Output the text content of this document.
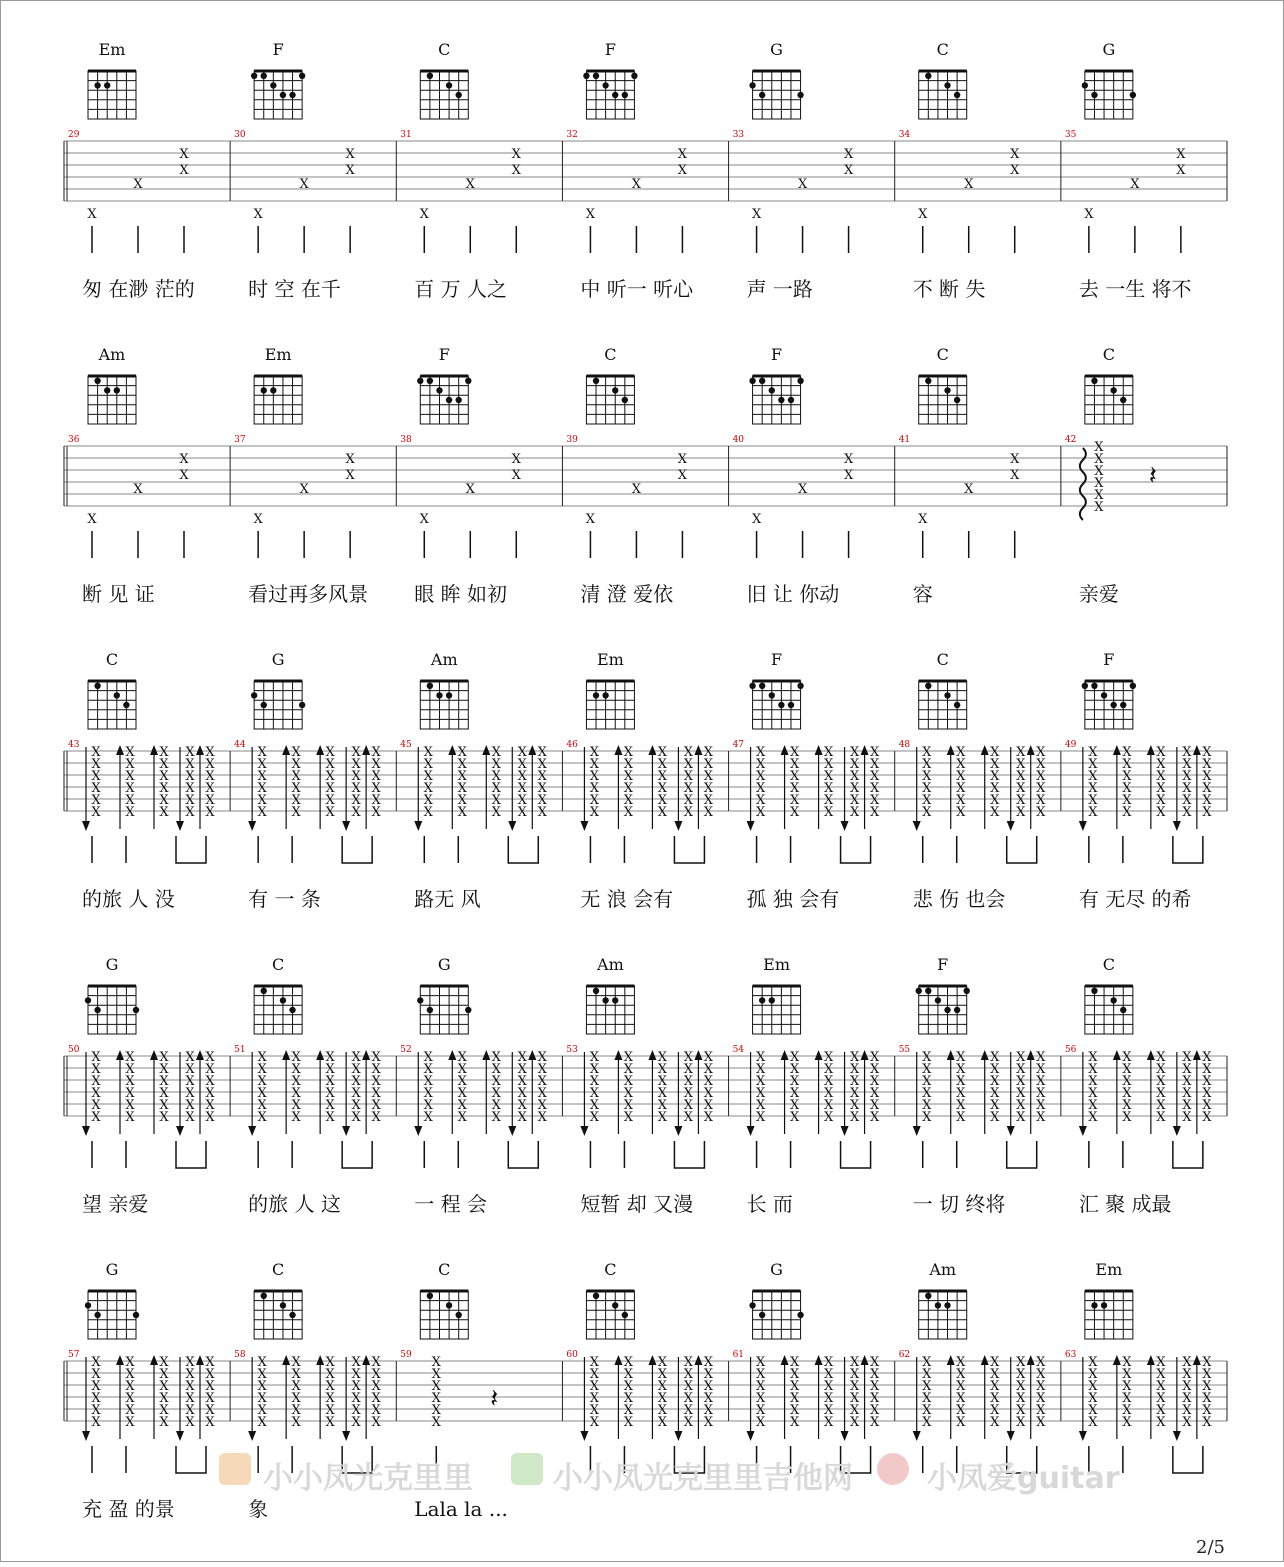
29
Em
X
X
X
X
匆 在渺 茫的
30
F
X
X
X
X
时 空 在千
31
C
X
X
X
X
百 万 人之
32
F
X
X
X
X
中 听一 听心
33
G
X
X
X
X
声 一路
34
C
X
X
X
X
不 断 失
35
G
X
X
X
X
去 一生 将不
36
Am
X
X
X
X
断 见 证
37
Em
X
X
X
X
看过再多风景
38
F
X
X
X
X
眼 眸 如初
39
C
X
X
X
X
清 澄 爱依
40
F
X
X
X
X
旧 让 你动
41
C
X
X
X
X
容
42
C
X
X
X
X
X
X
𝄽
亲爱
43
C
X
X
X
X
X
X
X
X
X
X
X
X
X
X
X
X
X
X
X
X
X
X
X
X
X
X
X
X
X
X
的旅 人 没
44
G
X
X
X
X
X
X
X
X
X
X
X
X
X
X
X
X
X
X
X
X
X
X
X
X
X
X
X
X
X
X
有 一 条
45
Am
X
X
X
X
X
X
X
X
X
X
X
X
X
X
X
X
X
X
X
X
X
X
X
X
X
X
X
X
X
X
路无 风
46
Em
X
X
X
X
X
X
X
X
X
X
X
X
X
X
X
X
X
X
X
X
X
X
X
X
X
X
X
X
X
X
无 浪 会有
47
F
X
X
X
X
X
X
X
X
X
X
X
X
X
X
X
X
X
X
X
X
X
X
X
X
X
X
X
X
X
X
孤 独 会有
48
C
X
X
X
X
X
X
X
X
X
X
X
X
X
X
X
X
X
X
X
X
X
X
X
X
X
X
X
X
X
X
悲 伤 也会
49
F
X
X
X
X
X
X
X
X
X
X
X
X
X
X
X
X
X
X
X
X
X
X
X
X
X
X
X
X
X
X
有 无尽 的希
50
G
X
X
X
X
X
X
X
X
X
X
X
X
X
X
X
X
X
X
X
X
X
X
X
X
X
X
X
X
X
X
望 亲爱
51
C
X
X
X
X
X
X
X
X
X
X
X
X
X
X
X
X
X
X
X
X
X
X
X
X
X
X
X
X
X
X
的旅 人 这
52
G
X
X
X
X
X
X
X
X
X
X
X
X
X
X
X
X
X
X
X
X
X
X
X
X
X
X
X
X
X
X
一 程 会
53
Am
X
X
X
X
X
X
X
X
X
X
X
X
X
X
X
X
X
X
X
X
X
X
X
X
X
X
X
X
X
X
短暂 却 又漫
54
Em
X
X
X
X
X
X
X
X
X
X
X
X
X
X
X
X
X
X
X
X
X
X
X
X
X
X
X
X
X
X
长 而
55
F
X
X
X
X
X
X
X
X
X
X
X
X
X
X
X
X
X
X
X
X
X
X
X
X
X
X
X
X
X
X
一 切 终将
56
C
X
X
X
X
X
X
X
X
X
X
X
X
X
X
X
X
X
X
X
X
X
X
X
X
X
X
X
X
X
X
汇 聚 成最
57
G
X
X
X
X
X
X
X
X
X
X
X
X
X
X
X
X
X
X
X
X
X
X
X
X
X
X
X
X
X
X
充 盈 的景
58
C
X
X
X
X
X
X
X
X
X
X
X
X
X
X
X
X
X
X
X
X
X
X
X
X
X
X
X
X
X
X
象
59
C
X
X
X
X
X
X
𝄽
Lala la ...
60
C
X
X
X
X
X
X
X
X
X
X
X
X
X
X
X
X
X
X
X
X
X
X
X
X
X
X
X
X
X
X
61
G
X
X
X
X
X
X
X
X
X
X
X
X
X
X
X
X
X
X
X
X
X
X
X
X
X
X
X
X
X
X
62
Am
X
X
X
X
X
X
X
X
X
X
X
X
X
X
X
X
X
X
X
X
X
X
X
X
X
X
X
X
X
X
63
Em
X
X
X
X
X
X
X
X
X
X
X
X
X
X
X
X
X
X
X
X
X
X
X
X
X
X
X
X
X
X
小小凤光克里里	小小凤光克里里吉他网 小凤爱guitar
2/5
